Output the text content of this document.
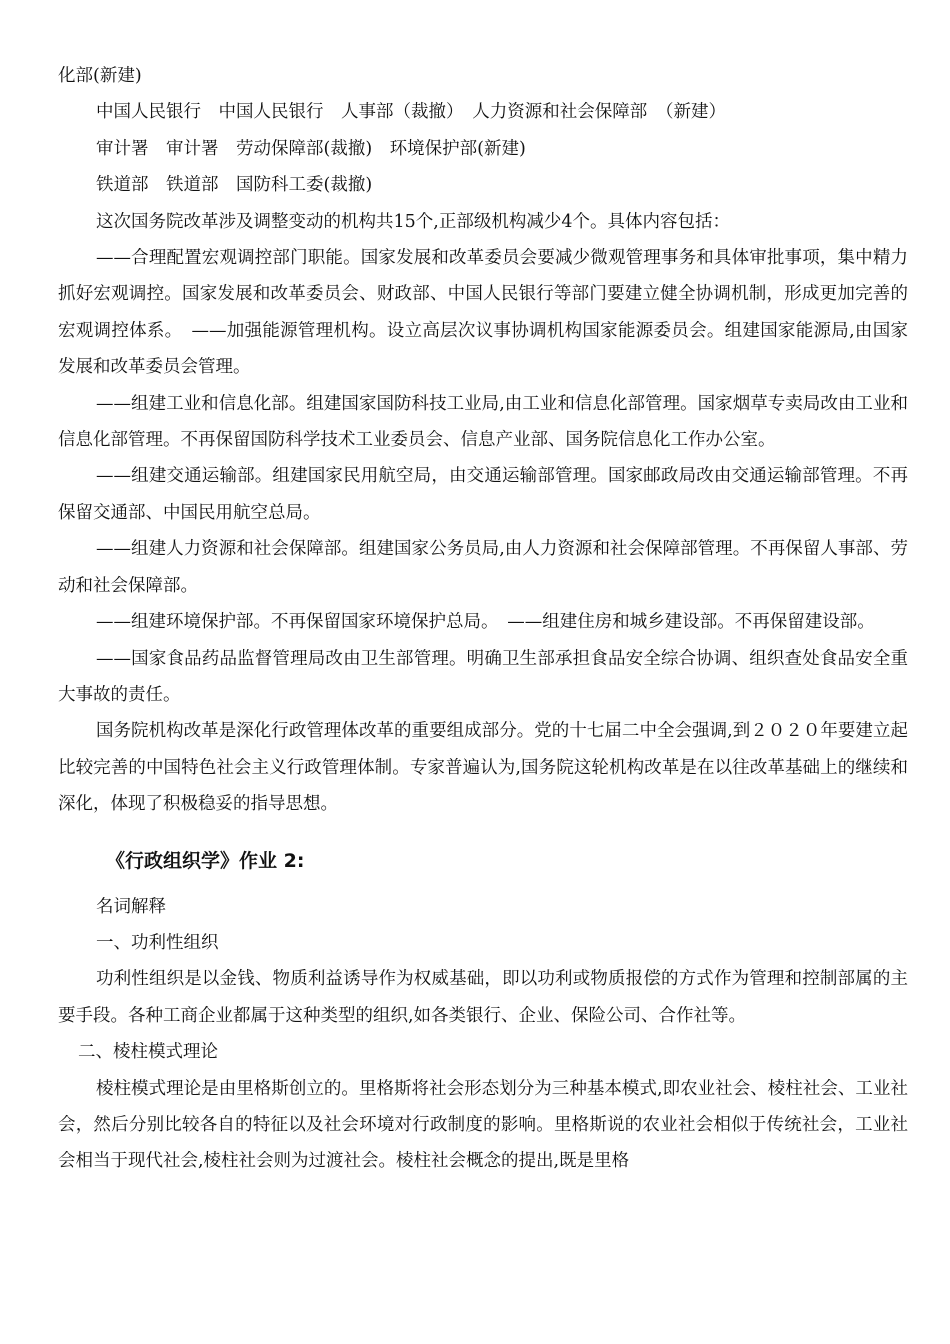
化部(新建)
中国人民银行　中国人民银行　人事部（裁撤）　人力资源和社会保障部　（新建）
审计署　审计署　劳动保障部(裁撤)　环境保护部(新建)
铁道部　铁道部　国防科工委(裁撤)

这次国务院改革涉及调整变动的机构共15个,正部级机构减少4个。具体内容包括：

——合理配置宏观调控部门职能。国家发展和改革委员会要减少微观管理事务和具体审批事项，集中精力抓好宏观调控。国家发展和改革委员会、财政部、中国人民银行等部门要建立健全协调机制，形成更加完善的宏观调控体系。　——加强能源管理机构。设立高层次议事协调机构国家能源委员会。组建国家能源局,由国家发展和改革委员会管理。

——组建工业和信息化部。组建国家国防科技工业局,由工业和信息化部管理。国家烟草专卖局改由工业和信息化部管理。不再保留国防科学技术工业委员会、信息产业部、国务院信息化工作办公室。

——组建交通运输部。组建国家民用航空局，由交通运输部管理。国家邮政局改由交通运输部管理。不再保留交通部、中国民用航空总局。

——组建人力资源和社会保障部。组建国家公务员局,由人力资源和社会保障部管理。不再保留人事部、劳动和社会保障部。

——组建环境保护部。不再保留国家环境保护总局。　——组建住房和城乡建设部。不再保留建设部。

——国家食品药品监督管理局改由卫生部管理。明确卫生部承担食品安全综合协调、组织查处食品安全重大事故的责任。

国务院机构改革是深化行政管理体改革的重要组成部分。党的十七届二中全会强调,到２０２０年要建立起比较完善的中国特色社会主义行政管理体制。专家普遍认为,国务院这轮机构改革是在以往改革基础上的继续和深化，体现了积极稳妥的指导思想。

《行政组织学》作业 2:
名词解释
一、功利性组织

功利性组织是以金钱、物质利益诱导作为权威基础，即以功利或物质报偿的方式作为管理和控制部属的主要手段。各种工商企业都属于这种类型的组织,如各类银行、企业、保险公司、合作社等。

二、棱柱模式理论

棱柱模式理论是由里格斯创立的。里格斯将社会形态划分为三种基本模式,即农业社会、棱柱社会、工业社会，然后分别比较各自的特征以及社会环境对行政制度的影响。里格斯说的农业社会相似于传统社会，工业社会相当于现代社会,棱柱社会则为过渡社会。棱柱社会概念的提出,既是里格
